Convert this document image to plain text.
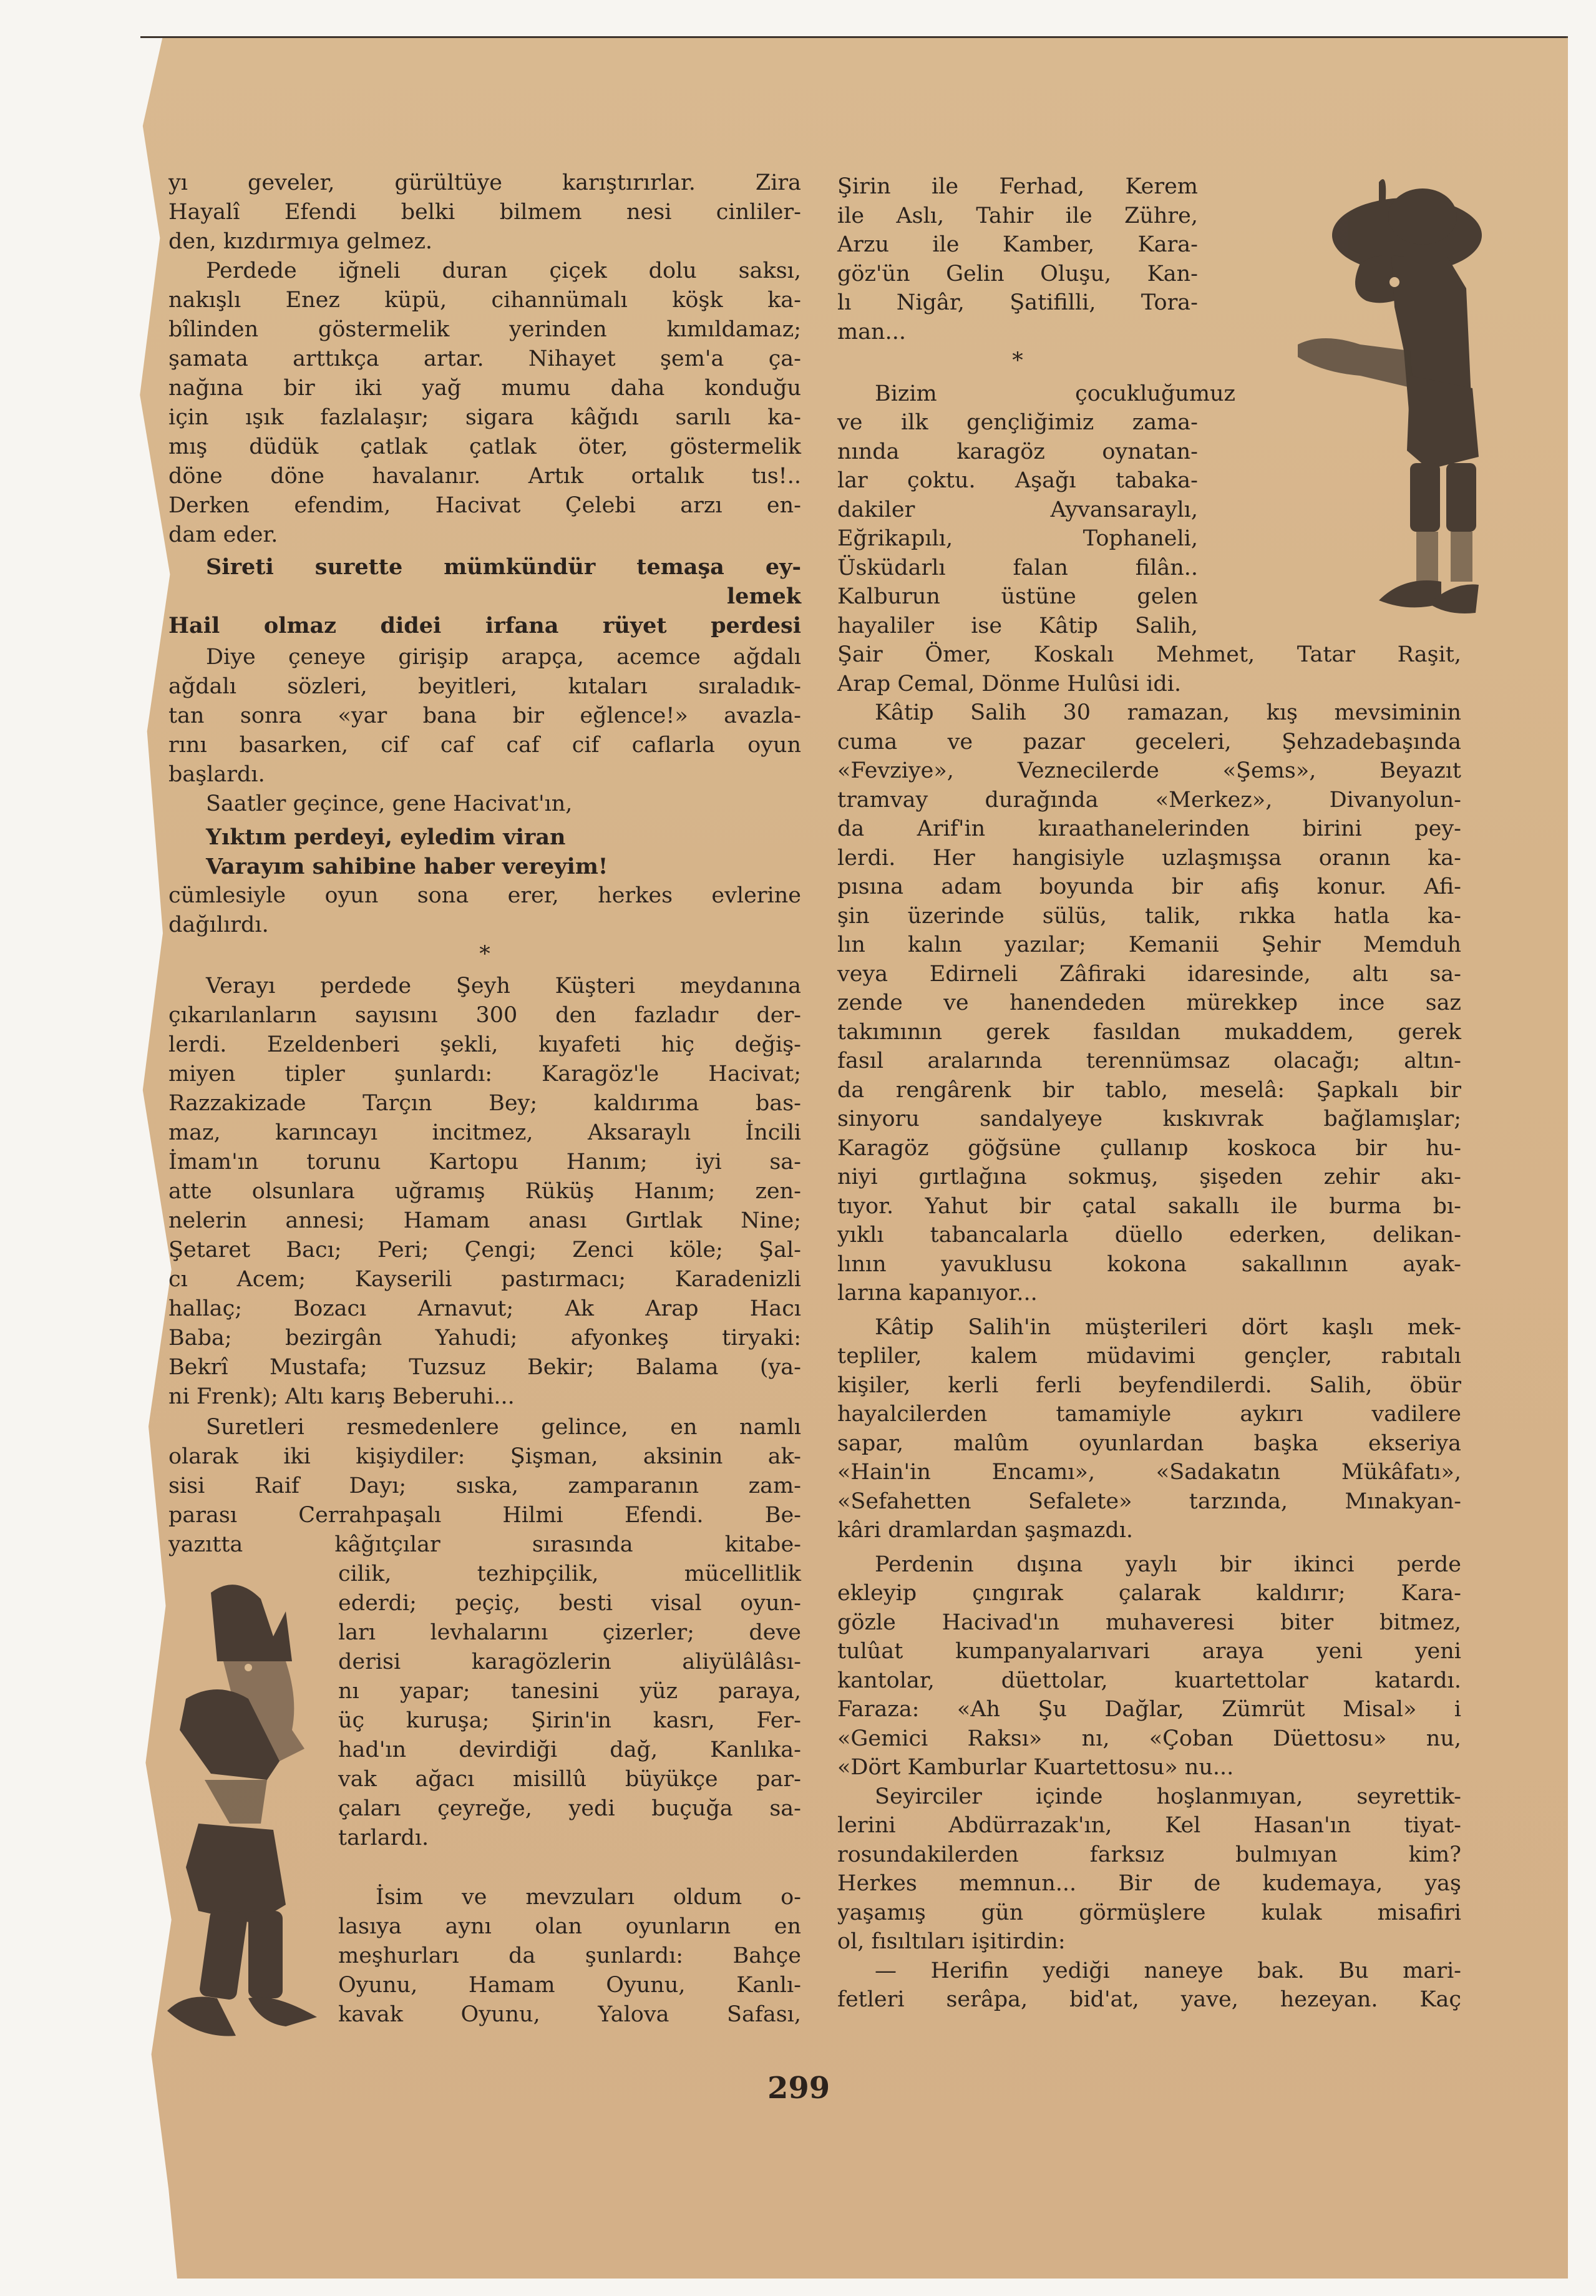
yı geveler, gürültüye karıştırırlar. Zira
Hayalî Efendi belki bilmem nesi cinliler-
den, kızdırmıya gelmez.
Perdede iğneli duran çiçek dolu saksı,
nakışlı Enez küpü, cihannümalı köşk ka-
bîlinden göstermelik yerinden kımıldamaz;
şamata arttıkça artar. Nihayet şem'a ça-
nağına bir iki yağ mumu daha konduğu
için ışık fazlalaşır; sigara kâğıdı sarılı ka-
mış düdük çatlak çatlak öter, göstermelik
döne döne havalanır. Artık ortalık tıs!..
Derken efendim, Hacivat Çelebi arzı en-
dam eder.
Sireti surette mümkündür temaşa ey-
lemek
Hail olmaz didei irfana rüyet perdesi
Diye çeneye girişip arapça, acemce ağdalı
ağdalı sözleri, beyitleri, kıtaları sıraladık-
tan sonra «yar bana bir eğlence!» avazla-
rını basarken, cif caf caf cif caflarla oyun
başlardı.
Saatler geçince, gene Hacivat'ın,
Yıktım perdeyi, eyledim viran
Varayım sahibine haber vereyim!
cümlesiyle oyun sona erer, herkes evlerine
dağılırdı.
*
Verayı perdede Şeyh Küşteri meydanına
çıkarılanların sayısını 300 den fazladır der-
lerdi. Ezeldenberi şekli, kıyafeti hiç değiş-
miyen tipler şunlardı: Karagöz'le Hacivat;
Razzakizade Tarçın Bey; kaldırıma bas-
maz, karıncayı incitmez, Aksaraylı İncili
İmam'ın torunu Kartopu Hanım; iyi sa-
atte olsunlara uğramış Rüküş Hanım; zen-
nelerin annesi; Hamam anası Gırtlak Nine;
Şetaret Bacı; Peri; Çengi; Zenci köle; Şal-
cı Acem; Kayserili pastırmacı; Karadenizli
hallaç; Bozacı Arnavut; Ak Arap Hacı
Baba; bezirgân Yahudi; afyonkeş tiryaki:
Bekrî Mustafa; Tuzsuz Bekir; Balama (ya-
ni Frenk); Altı karış Beberuhi...
Suretleri resmedenlere gelince, en namlı
olarak iki kişiydiler: Şişman, aksinin ak-
sisi Raif Dayı; sıska, zamparanın zam-
parası Cerrahpaşalı Hilmi Efendi. Be-
yazıtta kâğıtçılar sırasında kitabe-
cilik, tezhipçilik, mücellitlik
ederdi; peçiç, besti visal oyun-
ları levhalarını çizerler; deve
derisi karagözlerin aliyülâlâsı-
nı yapar; tanesini yüz paraya,
üç kuruşa; Şirin'in kasrı, Fer-
had'ın devirdiği dağ, Kanlıka-
vak ağacı misillû büyükçe par-
çaları çeyreğe, yedi buçuğa sa-
tarlardı.
İsim ve mevzuları oldum o-
lasıya aynı olan oyunların en
meşhurları da şunlardı: Bahçe
Oyunu, Hamam Oyunu, Kanlı-
kavak Oyunu, Yalova Safası,
Şirin ile Ferhad, Kerem
ile Aslı, Tahir ile Zühre,
Arzu ile Kamber, Kara-
göz'ün Gelin Oluşu, Kan-
lı Nigâr, Şatifilli, Tora-
man...
*
Bizim çocukluğumuz
ve ilk gençliğimiz zama-
nında karagöz oynatan-
lar çoktu. Aşağı tabaka-
dakiler Ayvansaraylı,
Eğrikapılı, Tophaneli,
Üsküdarlı falan filân..
Kalburun üstüne gelen
hayaliler ise Kâtip Salih,
Şair Ömer, Koskalı Mehmet, Tatar Raşit,
Arap Cemal, Dönme Hulûsi idi.
Kâtip Salih 30 ramazan, kış mevsiminin
cuma ve pazar geceleri, Şehzadebaşında
«Fevziye», Veznecilerde «Şems», Beyazıt
tramvay durağında «Merkez», Divanyolun-
da Arif'in kıraathanelerinden birini pey-
lerdi. Her hangisiyle uzlaşmışsa oranın ka-
pısına adam boyunda bir afiş konur. Afi-
şin üzerinde sülüs, talik, rıkka hatla ka-
lın kalın yazılar; Kemanii Şehir Memduh
veya Edirneli Zâfiraki idaresinde, altı sa-
zende ve hanendeden mürekkep ince saz
takımının gerek fasıldan mukaddem, gerek
fasıl aralarında terennümsaz olacağı; altın-
da rengârenk bir tablo, meselâ: Şapkalı bir
sinyoru sandalyeye kıskıvrak bağlamışlar;
Karagöz göğsüne çullanıp koskoca bir hu-
niyi gırtlağına sokmuş, şişeden zehir akı-
tıyor. Yahut bir çatal sakallı ile burma bı-
yıklı tabancalarla düello ederken, delikan-
lının yavuklusu kokona sakallının ayak-
larına kapanıyor...
Kâtip Salih'in müşterileri dört kaşlı mek-
tepliler, kalem müdavimi gençler, rabıtalı
kişiler, kerli ferli beyfendilerdi. Salih, öbür
hayalcilerden tamamiyle aykırı vadilere
sapar, malûm oyunlardan başka ekseriya
«Hain'in Encamı», «Sadakatın Mükâfatı»,
«Sefahetten Sefalete» tarzında, Mınakyan-
kâri dramlardan şaşmazdı.
Perdenin dışına yaylı bir ikinci perde
ekleyip çıngırak çalarak kaldırır; Kara-
gözle Hacivad'ın muhaveresi biter bitmez,
tulûat kumpanyalarıvari araya yeni yeni
kantolar, düettolar, kuartettolar katardı.
Faraza: «Ah Şu Dağlar, Zümrüt Misal» i
«Gemici Raksı» nı, «Çoban Düettosu» nu,
«Dört Kamburlar Kuartettosu» nu...
Seyirciler içinde hoşlanmıyan, seyrettik-
lerini Abdürrazak'ın, Kel Hasan'ın tiyat-
rosundakilerden farksız bulmıyan kim?
Herkes memnun... Bir de kudemaya, yaş
yaşamış gün görmüşlere kulak misafiri
ol, fısıltıları işitirdin:
— Herifin yediği naneye bak. Bu mari-
fetleri serâpa, bid'at, yave, hezeyan. Kaç
299
